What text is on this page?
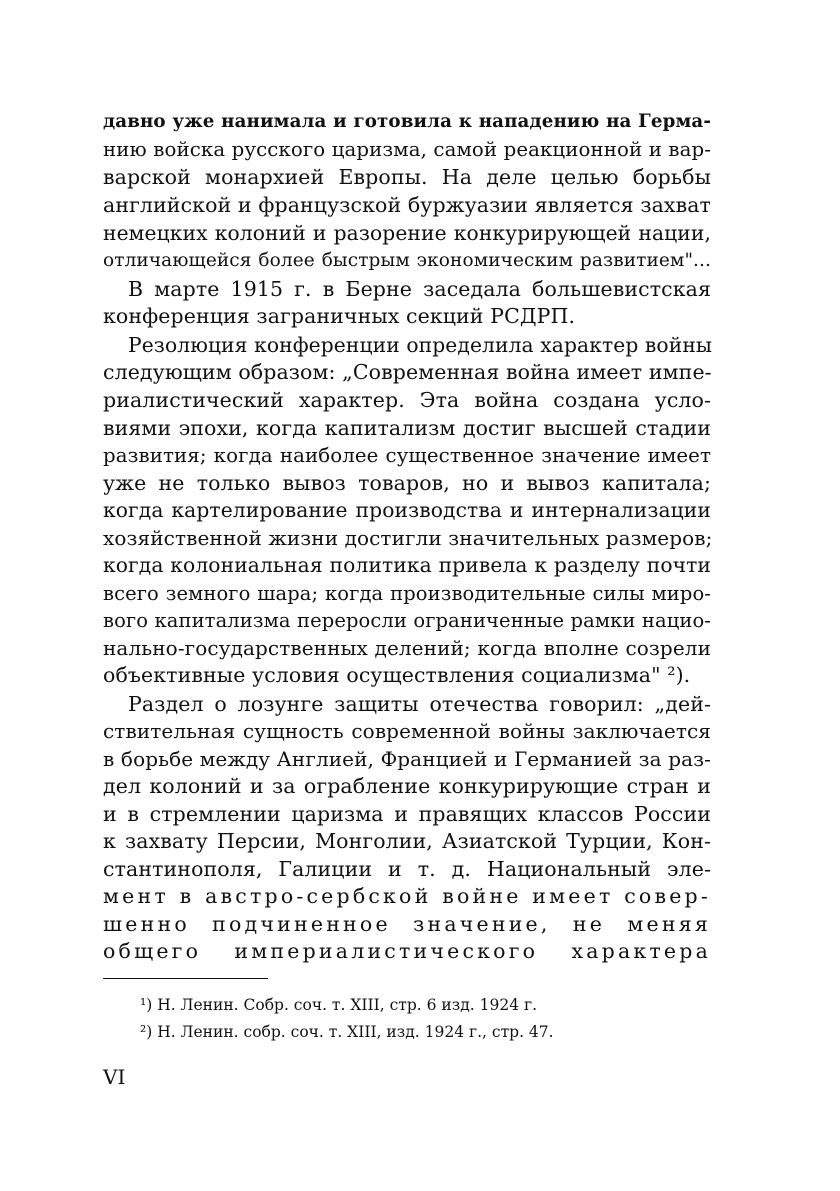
давно уже нанимала и готовила к нападению на Герма-
нию войска русского царизма, самой реакционной и вар-
варской монархией Европы. На деле целью борьбы
английской и французской буржуазии является захват
немецких колоний и разорение конкурирующей нации,
отличающейся более быстрым экономическим развитием"...
В марте 1915 г. в Берне заседала большевистская
конференция заграничных секций РСДРП.
Резолюция конференции определила характер войны
следующим образом: „Современная война имеет импе-
риалистический характер. Эта война создана усло-
виями эпохи, когда капитализм достиг высшей стадии
развития; когда наиболее существенное значение имеет
уже не только вывоз товаров, но и вывоз капитала;
когда картелирование производства и интернализации
хозяйственной жизни достигли значительных размеров;
когда колониальная политика привела к разделу почти
всего земного шара; когда производительные силы миро-
вого капитализма переросли ограниченные рамки нацио-
нально-государственных делений; когда вполне созрели
объективные условия осуществления социализма" ²).
Раздел о лозунге защиты отечества говорил: „дей-
ствительная сущность современной войны заключается
в борьбе между Англией, Францией и Германией за раз-
дел колоний и за ограбление конкурирующие стран и
и в стремлении царизма и правящих классов России
к захвату Персии, Монголии, Азиатской Турции, Кон-
стантинополя, Галиции и т. д. Национальный эле-
мент в австро-сербской войне имеет совер-
шенно подчиненное значение, не меняя
общего империалистического характера
¹) Н. Ленин. Собр. соч. т. XIII, стр. 6 изд. 1924 г.
²) Н. Ленин. собр. соч. т. XIII, изд. 1924 г., стр. 47.
VI
